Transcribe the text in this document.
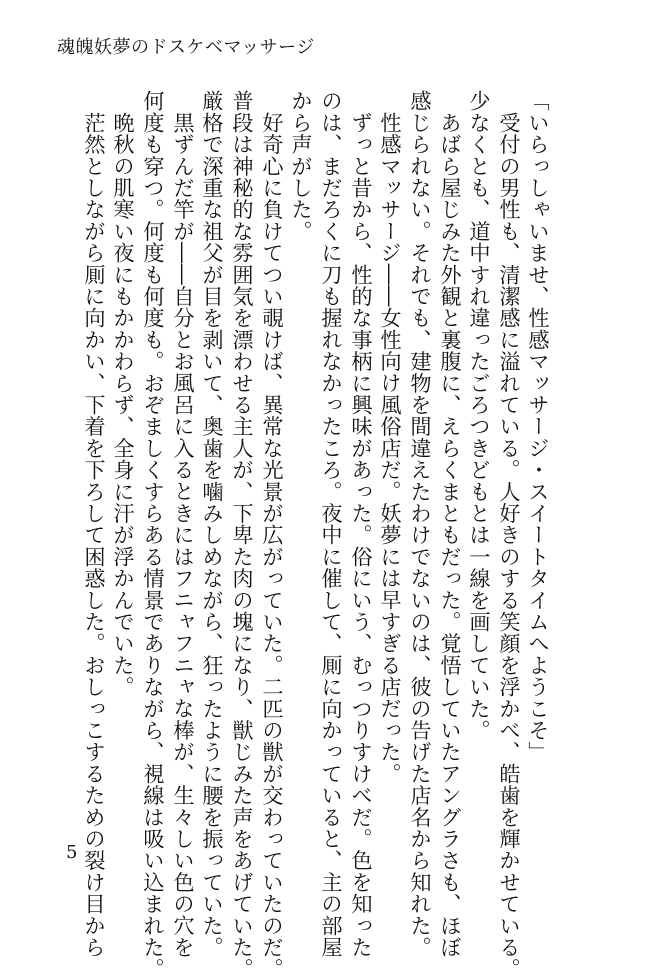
魂魄妖夢のドスケベマッサージ
「いらっしゃいませ、性感マッサージ・スイートタイムへようこそ」
　受付の男性も、清潔感に溢れている。人好きのする笑顔を浮かべ、皓歯を輝かせている。
少なくとも、道中すれ違ったごろつきどもとは一線を画していた。
　あばら屋じみた外観と裏腹に、えらくまともだった。覚悟していたアングラさも、ほぼ
感じられない。それでも、建物を間違えたわけでないのは、彼の告げた店名から知れた。
　性感マッサージ――女性向け風俗店だ。妖夢には早すぎる店だった。
　ずっと昔から、性的な事柄に興味があった。俗にいう、むっつりすけべだ。色を知った
のは、まだろくに刀も握れなかったころ。夜中に催して、厠に向かっていると、主の部屋
から声がした。
　好奇心に負けてつい覗けば、異常な光景が広がっていた。二匹の獣が交わっていたのだ。
普段は神秘的な雰囲気を漂わせる主人が、下卑た肉の塊になり、獣じみた声をあげていた。
厳格で深重な祖父が目を剥いて、奥歯を噛みしめながら、狂ったように腰を振っていた。
　黒ずんだ竿が――自分とお風呂に入るときにはフニャフニャな棒が、生々しい色の穴を
何度も穿つ。何度も何度も。おぞましくすらある情景でありながら、視線は吸い込まれた。
　晩秋の肌寒い夜にもかかわらず、全身に汗が浮かんでいた。
　茫然としながら厠に向かい、下着を下ろして困惑した。おしっこするための裂け目から
5
